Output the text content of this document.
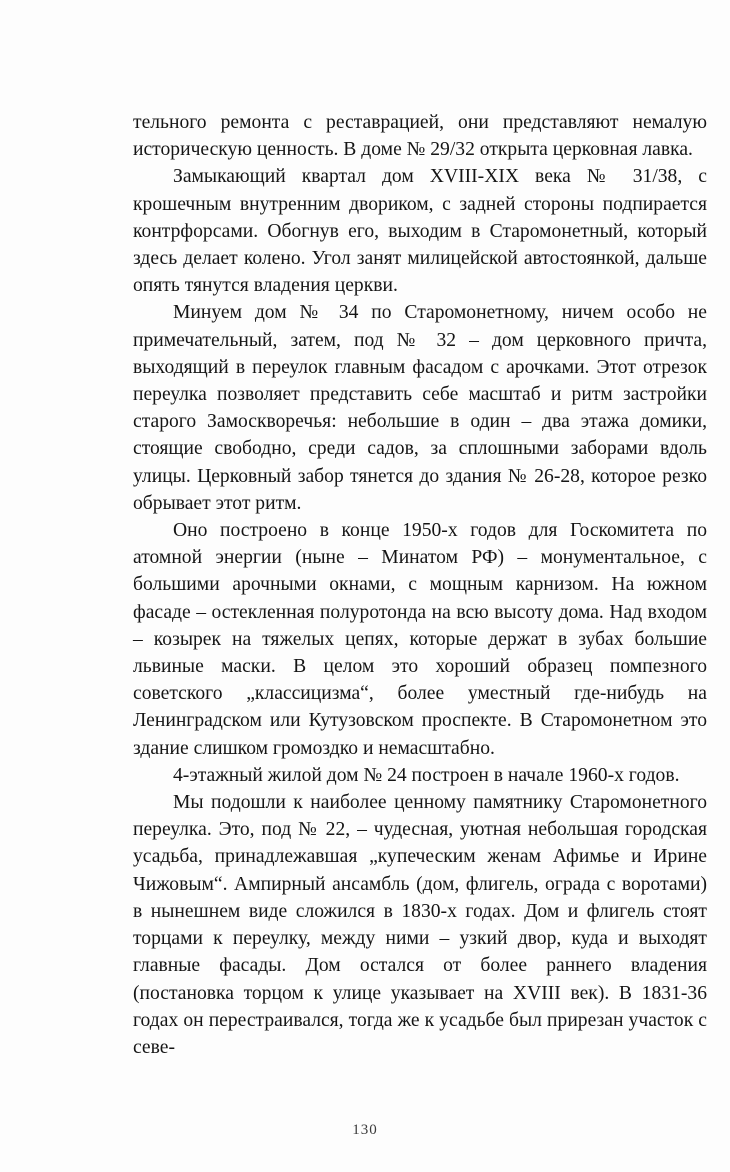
тельного ремонта с реставрацией, они представляют немалую историческую ценность. В доме № 29/32 открыта церковная лавка.

Замыкающий квартал дом XVIII-XIX века № 31/38, с крошечным внутренним двориком, с задней стороны подпирается контрфорсами. Обогнув его, выходим в Старомонетный, который здесь делает колено. Угол занят милицейской автостоянкой, дальше опять тянутся владения церкви.

Минуем дом № 34 по Старомонетному, ничем особо не примечательный, затем, под № 32 – дом церковного причта, выходящий в переулок главным фасадом с арочками. Этот отрезок переулка позволяет представить себе масштаб и ритм застройки старого Замоскворечья: небольшие в один – два этажа домики, стоящие свободно, среди садов, за сплошными заборами вдоль улицы. Церковный забор тянется до здания № 26-28, которое резко обрывает этот ритм.

Оно построено в конце 1950-х годов для Госкомитета по атомной энергии (ныне – Минатом РФ) – монументальное, с большими арочными окнами, с мощным карнизом. На южном фасаде – остекленная полуротонда на всю высоту дома. Над входом – козырек на тяжелых цепях, которые держат в зубах большие львиные маски. В целом это хороший образец помпезного советского „классицизма“, более уместный где-нибудь на Ленинградском или Кутузовском проспекте. В Старомонетном это здание слишком громоздко и немасштабно.

4-этажный жилой дом № 24 построен в начале 1960-х годов.

Мы подошли к наиболее ценному памятнику Старомонетного переулка. Это, под № 22, – чудесная, уютная небольшая городская усадьба, принадлежавшая „купеческим женам Афимье и Ирине Чижовым“. Ампирный ансамбль (дом, флигель, ограда с воротами) в нынешнем виде сложился в 1830-х годах. Дом и флигель стоят торцами к переулку, между ними – узкий двор, куда и выходят главные фасады. Дом остался от более раннего владения (постановка торцом к улице указывает на XVIII век). В 1831-36 годах он перестраивался, тогда же к усадьбе был прирезан участок с севе-

130
